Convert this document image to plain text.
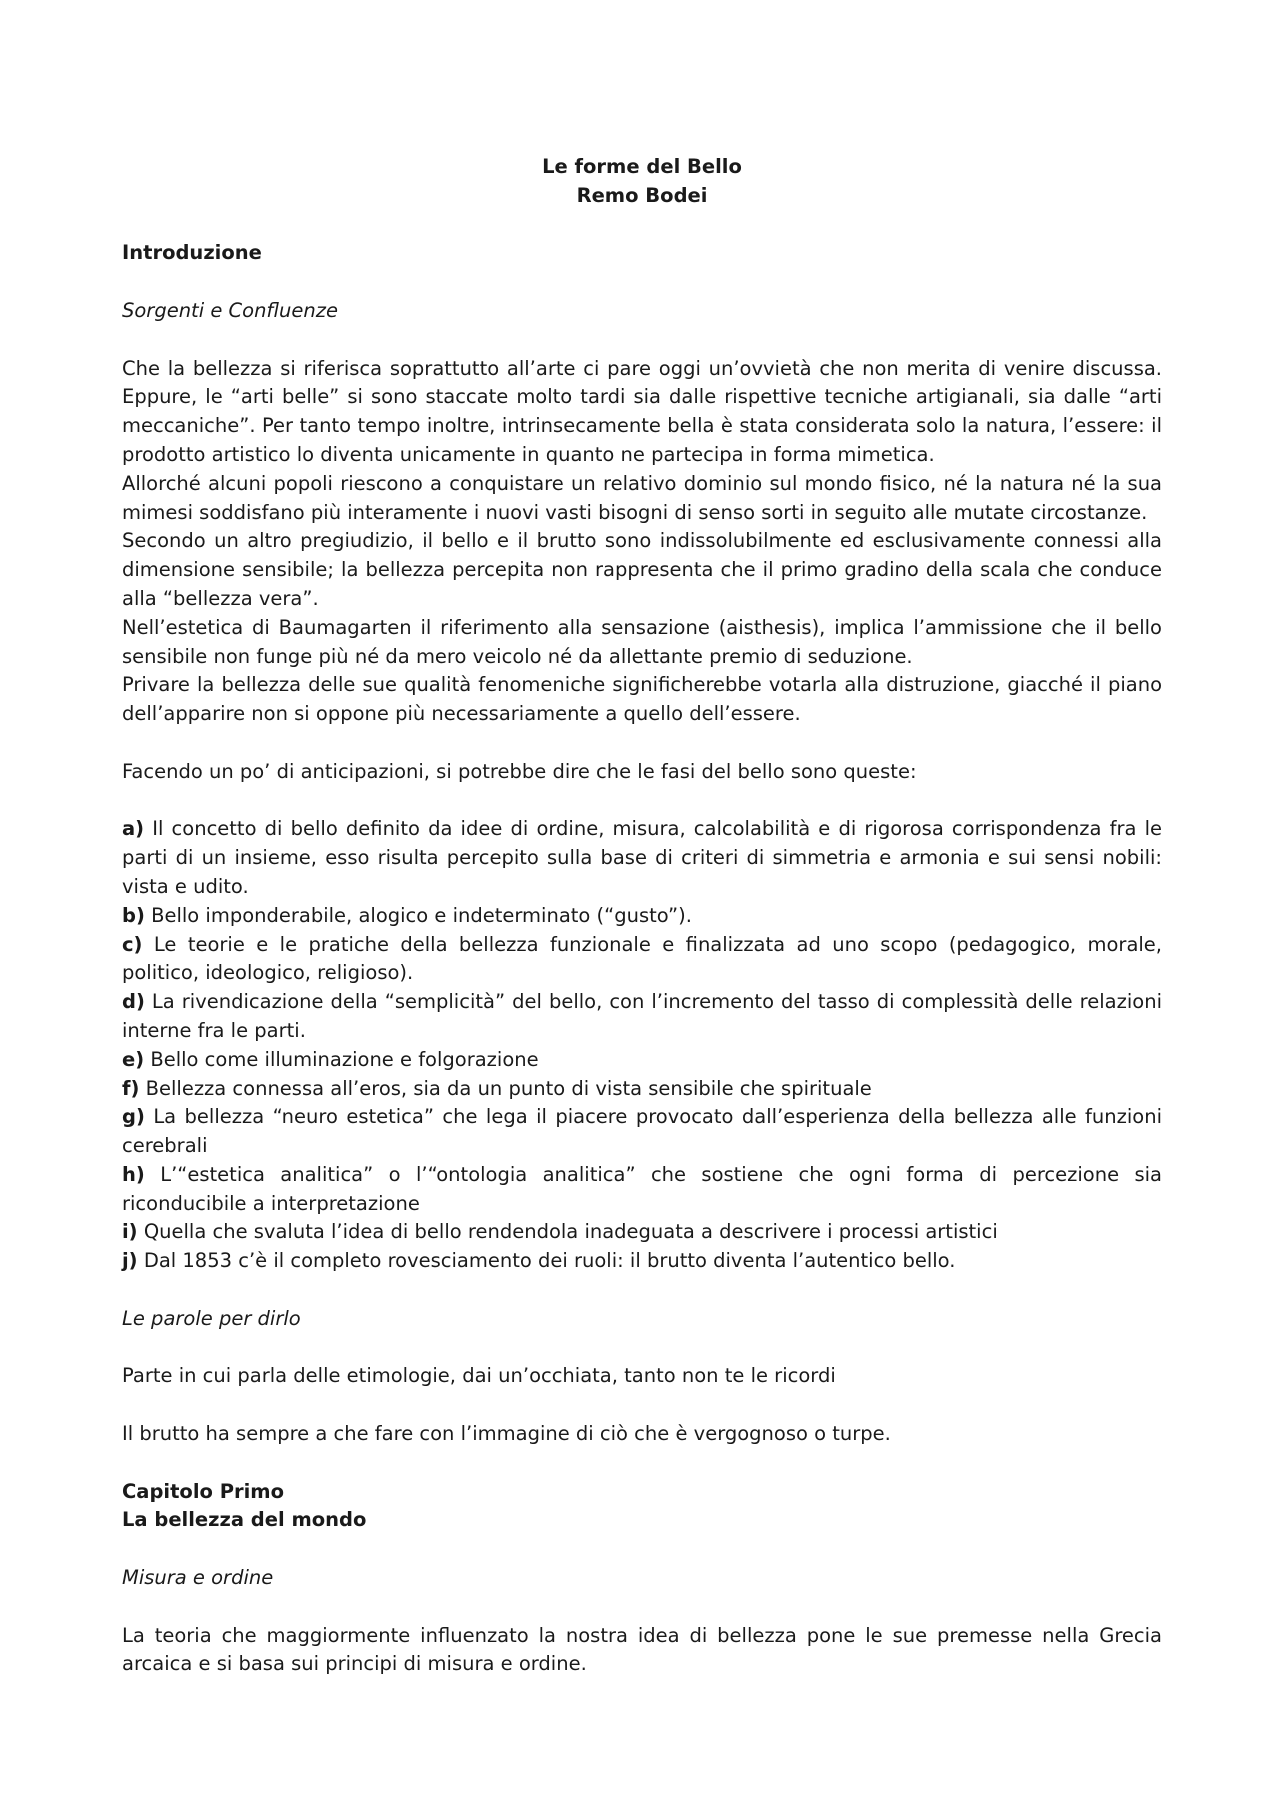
Le forme del Bello
Remo Bodei
Introduzione
Sorgenti e Confluenze
Che la bellezza si riferisca soprattutto all’arte ci pare oggi un’ovvietà che non merita di venire discussa. Eppure, le “arti belle” si sono staccate molto tardi sia dalle rispettive tecniche artigianali, sia dalle “arti meccaniche”. Per tanto tempo inoltre, intrinsecamente bella è stata considerata solo la natura, l’essere: il prodotto artistico lo diventa unicamente in quanto ne partecipa in forma mimetica.
Allorché alcuni popoli riescono a conquistare un relativo dominio sul mondo fisico, né la natura né la sua mimesi soddisfano più interamente i nuovi vasti bisogni di senso sorti in seguito alle mutate circostanze.
Secondo un altro pregiudizio, il bello e il brutto sono indissolubilmente ed esclusivamente connessi alla dimensione sensibile; la bellezza percepita non rappresenta che il primo gradino della scala che conduce alla “bellezza vera”.
Nell’estetica di Baumagarten il riferimento alla sensazione (aisthesis), implica l’ammissione che il bello sensibile non funge più né da mero veicolo né da allettante premio di seduzione.
Privare la bellezza delle sue qualità fenomeniche significherebbe votarla alla distruzione, giacché il piano dell’apparire non si oppone più necessariamente a quello dell’essere.
Facendo un po’ di anticipazioni, si potrebbe dire che le fasi del bello sono queste:
a) Il concetto di bello definito da idee di ordine, misura, calcolabilità e di rigorosa corrispondenza fra le parti di un insieme, esso risulta percepito sulla base di criteri di simmetria e armonia e sui sensi nobili: vista e udito.
b) Bello imponderabile, alogico e indeterminato (“gusto”).
c) Le teorie e le pratiche della bellezza funzionale e finalizzata ad uno scopo (pedagogico, morale, politico, ideologico, religioso).
d) La rivendicazione della “semplicità” del bello, con l’incremento del tasso di complessità delle relazioni interne fra le parti.
e) Bello come illuminazione e folgorazione
f) Bellezza connessa all’eros, sia da un punto di vista sensibile che spirituale
g) La bellezza “neuro estetica” che lega il piacere provocato dall’esperienza della bellezza alle funzioni cerebrali
h) L’“estetica analitica” o l’“ontologia analitica” che sostiene che ogni forma di percezione sia riconducibile a interpretazione
i) Quella che svaluta l’idea di bello rendendola inadeguata a descrivere i processi artistici
j) Dal 1853 c’è il completo rovesciamento dei ruoli: il brutto diventa l’autentico bello.
Le parole per dirlo
Parte in cui parla delle etimologie, dai un’occhiata, tanto non te le ricordi
Il brutto ha sempre a che fare con l’immagine di ciò che è vergognoso o turpe.
Capitolo Primo
La bellezza del mondo
Misura e ordine
La teoria che maggiormente influenzato la nostra idea di bellezza pone le sue premesse nella Grecia arcaica e si basa sui principi di misura e ordine.
